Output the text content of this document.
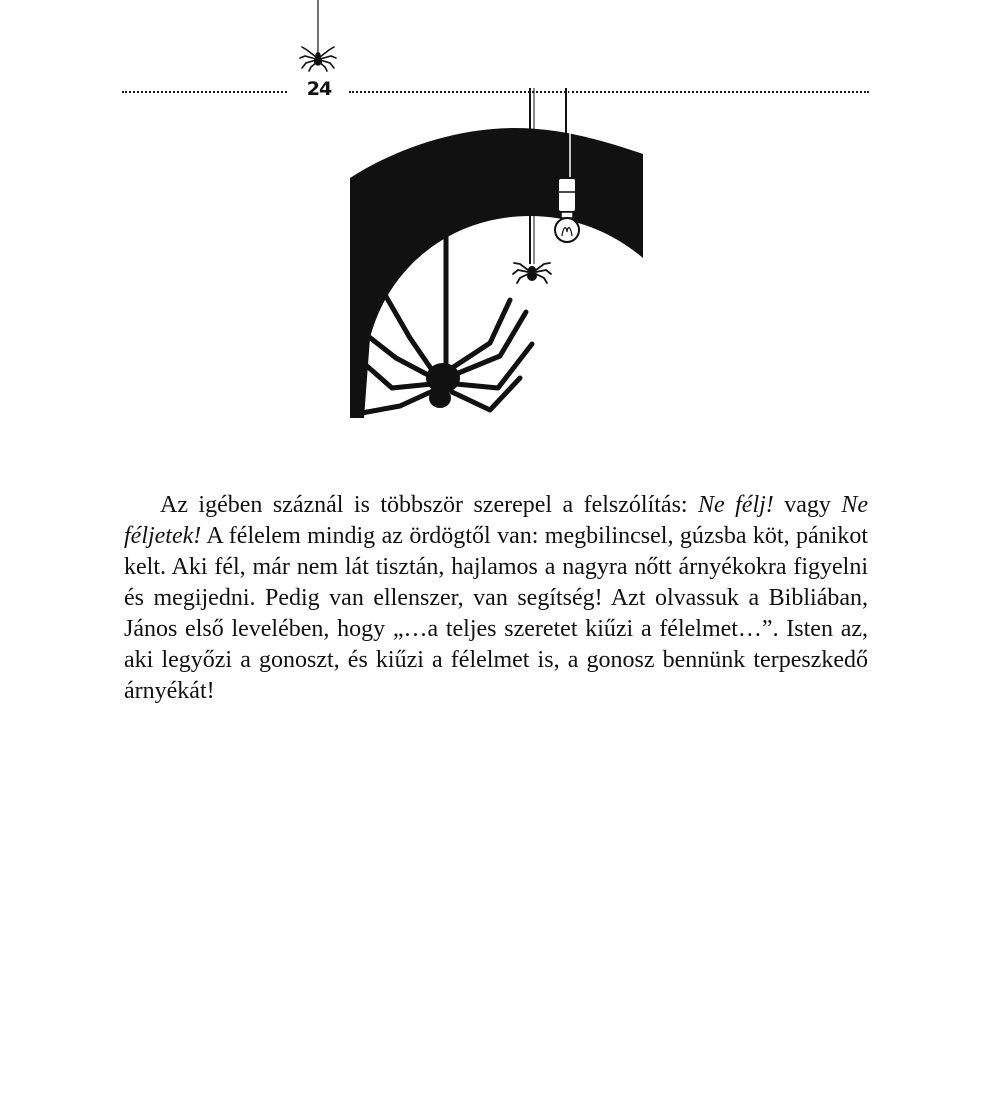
24

Az igében száznál is többször szerepel a felszólítás: Ne félj! vagy Ne féljetek! A félelem mindig az ördögtől van: megbilincsel, gúzsba köt, pánikot kelt. Aki fél, már nem lát tisztán, hajlamos a nagyra nőtt árnyékokra figyelni és megijedni. Pedig van ellenszer, van segítség! Azt olvassuk a Bibliában, János első levelében, hogy „…a teljes szeretet kiűzi a félelmet…”. Isten az, aki legyőzi a gonoszt, és kiűzi a félelmet is, a gonosz bennünk terpeszkedő árnyékát!
